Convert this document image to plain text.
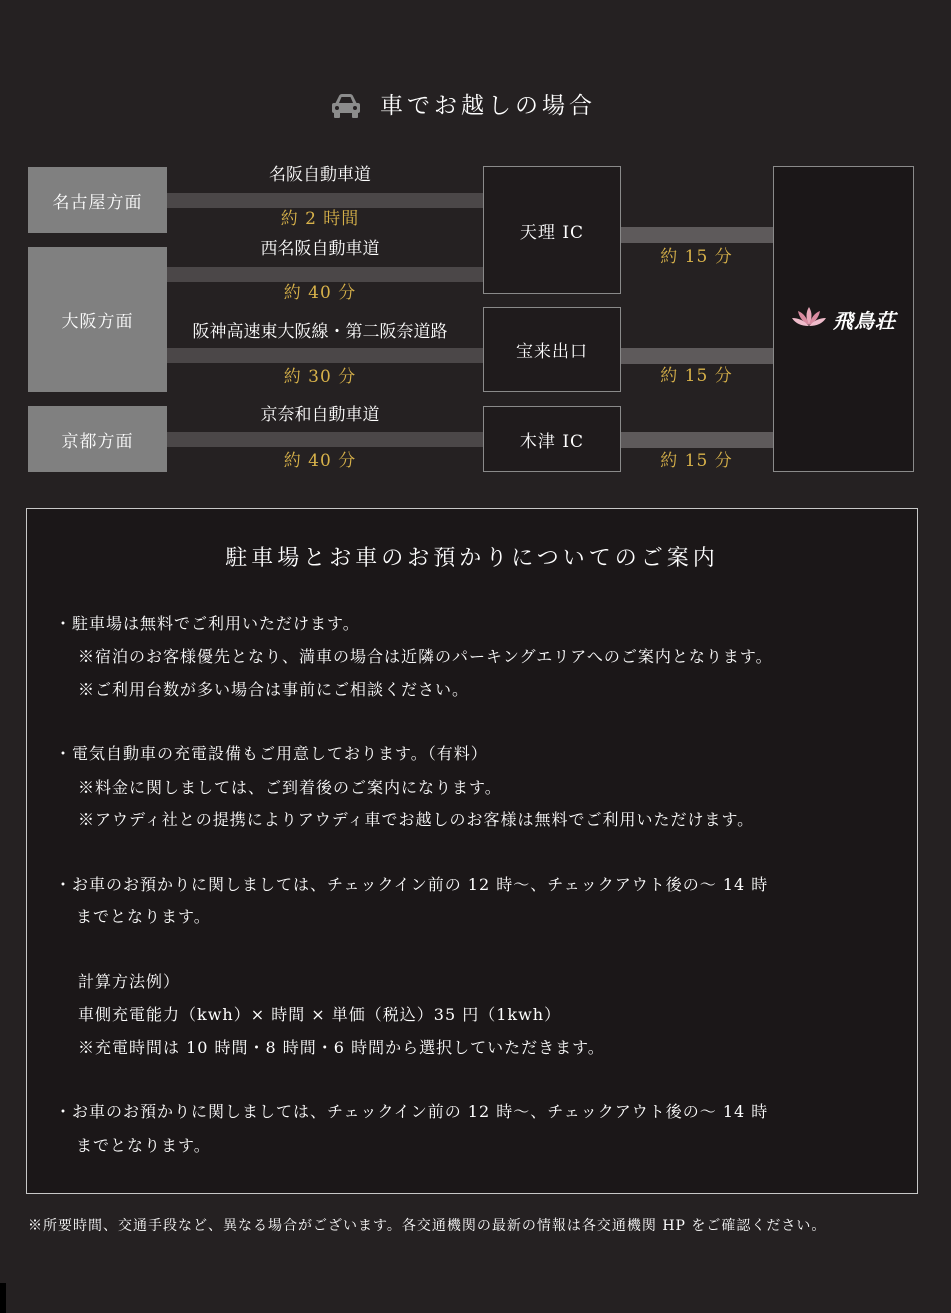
車でお越しの場合
名古屋方面
大阪方面
京都方面
名阪自動車道
約 2 時間
西名阪自動車道
約 40 分
阪神高速東大阪線・第二阪奈道路
約 30 分
京奈和自動車道
約 40 分
天理 IC
宝来出口
木津 IC
約 15 分
約 15 分
約 15 分
飛鳥荘
駐車場とお車のお預かりについてのご案内
・駐車場は無料でご利用いただけます。
※宿泊のお客様優先となり、満車の場合は近隣のパーキングエリアへのご案内となります。
※ご利用台数が多い場合は事前にご相談ください。
・電気自動車の充電設備もご用意しております。（有料）
※料金に関しましては、ご到着後のご案内になります。
※アウディ社との提携によりアウディ車でお越しのお客様は無料でご利用いただけます。
・お車のお預かりに関しましては、チェックイン前の 12 時〜、チェックアウト後の〜 14 時
までとなります。
計算方法例）
車側充電能力（kwh）× 時間 × 単価（税込）35 円（1kwh）
※充電時間は 10 時間・8 時間・6 時間から選択していただきます。
・お車のお預かりに関しましては、チェックイン前の 12 時〜、チェックアウト後の〜 14 時
までとなります。
※所要時間、交通手段など、異なる場合がございます。各交通機関の最新の情報は各交通機関 HP をご確認ください。
